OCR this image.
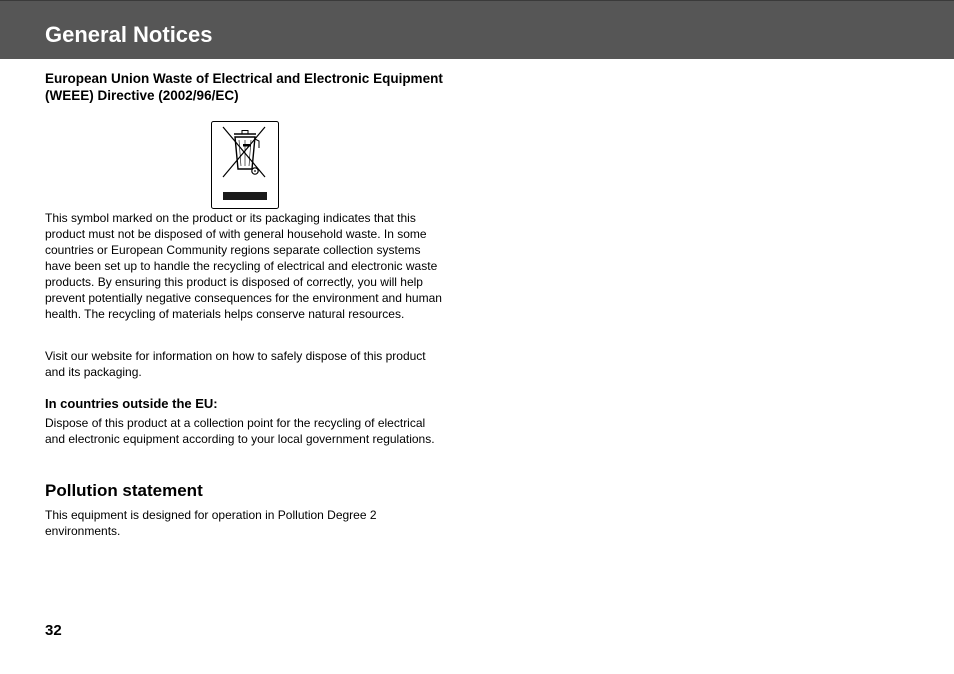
General Notices
European Union Waste of Electrical and Electronic Equipment (WEEE) Directive (2002/96/EC)
This symbol marked on the product or its packaging indicates that this product must not be disposed of with general household waste. In some countries or European Community regions separate collection systems have been set up to handle the recycling of electrical and electronic waste products. By ensuring this product is disposed of correctly, you will help prevent potentially negative consequences for the environment and human health. The recycling of materials helps conserve natural resources.
Visit our website for information on how to safely dispose of this product and its packaging.
In countries outside the EU:
Dispose of this product at a collection point for the recycling of electrical and electronic equipment according to your local government regulations.
Pollution statement
This equipment is designed for operation in Pollution Degree 2 environments.
32
